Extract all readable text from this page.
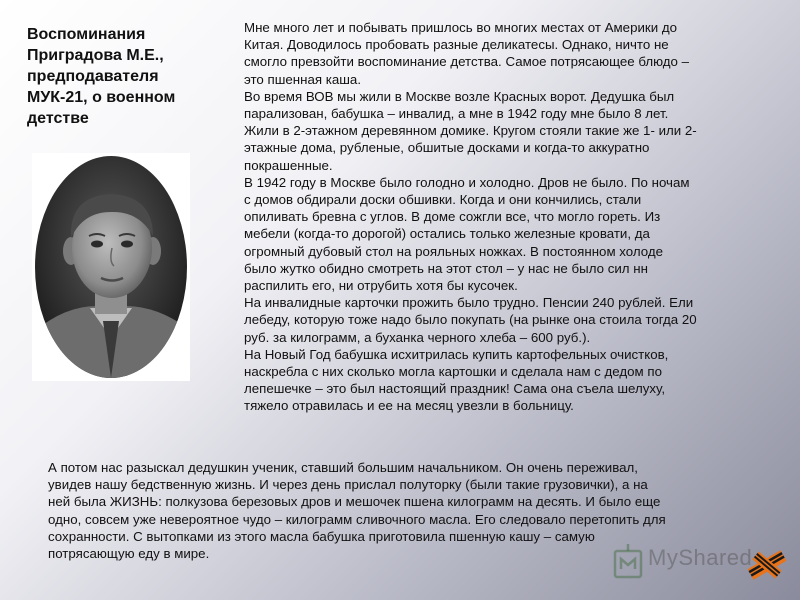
Воспоминания
Приградова М.Е.,
предподавателя
МУК-21, о военном
детстве

Мне много лет и побывать пришлось во многих местах от Америки до
Китая. Доводилось пробовать разные деликатесы. Однако, ничто не
смогло превзойти воспоминание детства. Самое потрясающее блюдо –
это пшенная каша.

Во время ВОВ мы жили в Москве возле Красных ворот. Дедушка был
парализован, бабушка – инвалид, а мне в 1942 году мне было 8 лет.
Жили в 2-этажном деревянном домике. Кругом стояли такие же 1- или 2-
этажные дома, рубленые, обшитые досками и когда-то аккуратно
покрашенные.

В 1942 году в Москве было голодно и холодно. Дров не было. По ночам
с домов обдирали доски обшивки. Когда и они кончились, стали
опиливать бревна с углов. В доме сожгли все, что могло гореть. Из
мебели (когда-то дорогой) остались только железные кровати, да
огромный дубовый стол на рояльных ножках. В постоянном холоде
было жутко обидно смотреть на этот стол – у нас не было сил нн
распилить его, ни отрубить хотя бы кусочек.

На инвалидные карточки прожить было трудно. Пенсии 240 рублей. Ели
лебеду, которую тоже надо было покупать (на рынке она стоила тогда 20
руб. за килограмм, а буханка черного хлеба – 600 руб.).

На Новый Год бабушка исхитрилась купить картофельных очистков,
наскребла с них сколько могла картошки и сделала нам с дедом по
лепешечке – это был настоящий праздник! Сама она съела шелуху,
тяжело отравилась и ее на месяц увезли в больницу.

А потом нас разыскал дедушкин ученик, ставший большим начальником. Он очень переживал,
увидев нашу бедственную жизнь. И через день прислал полуторку (были такие грузовички), а на
ней была ЖИЗНЬ: полкузова березовых дров и мешочек пшена килограмм на десять. И было еще
одно, совсем уже невероятное чудо – килограмм сливочного масла. Его следовало перетопить для
сохранности. С вытопками из этого масла бабушка приготовила пшенную кашу – самую
потрясающую еду в мире.	MyShared
